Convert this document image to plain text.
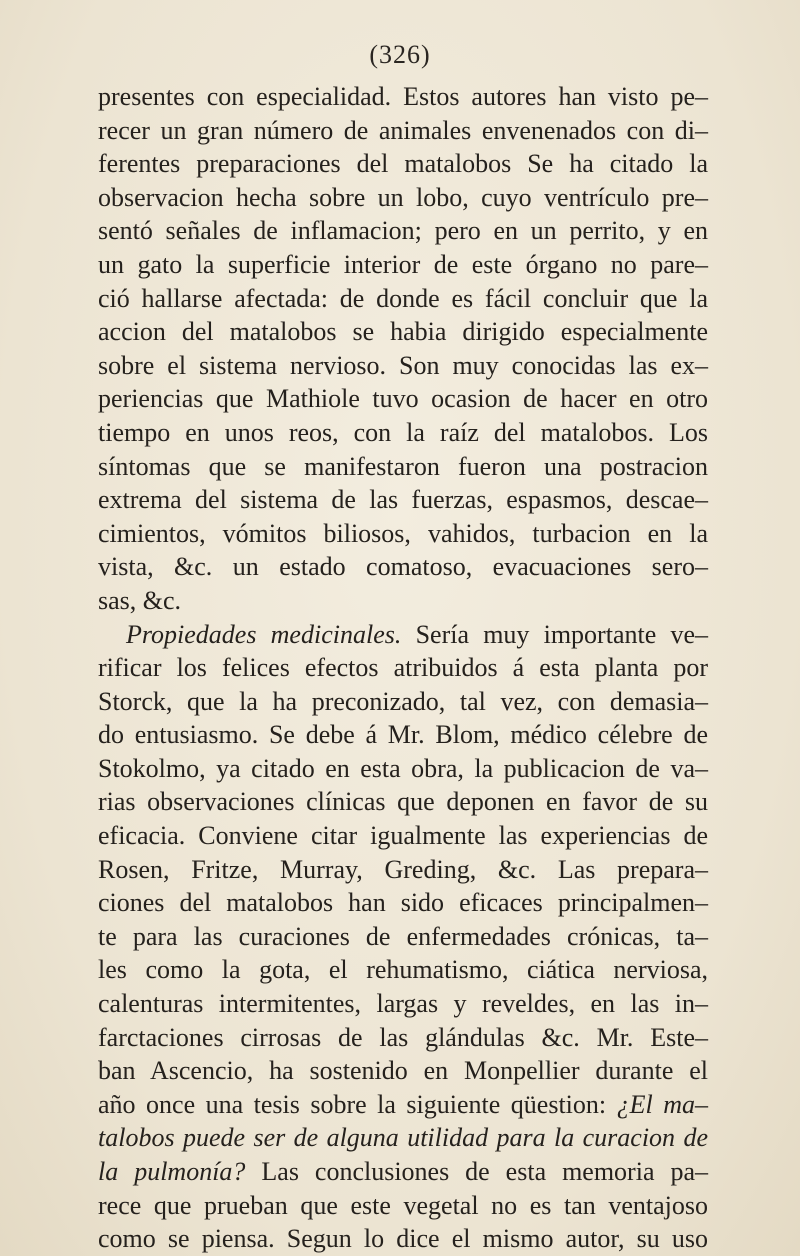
(326)
presentes con especialidad. Estos autores han visto pe–
recer un gran número de animales envenenados con di–
ferentes preparaciones del matalobos Se ha citado la
observacion hecha sobre un lobo, cuyo ventrículo pre–
sentó señales de inflamacion; pero en un perrito, y en
un gato la superficie interior de este órgano no pare–
ció hallarse afectada: de donde es fácil concluir que la
accion del matalobos se habia dirigido especialmente
sobre el sistema nervioso. Son muy conocidas las ex–
periencias que Mathiole tuvo ocasion de hacer en otro
tiempo en unos reos, con la raíz del matalobos. Los
síntomas que se manifestaron fueron una postracion
extrema del sistema de las fuerzas, espasmos, descae–
cimientos, vómitos biliosos, vahidos, turbacion en la
vista, &c. un estado comatoso, evacuaciones sero–
sas, &c.
Propiedades medicinales. Sería muy importante ve–
rificar los felices efectos atribuidos á esta planta por
Storck, que la ha preconizado, tal vez, con demasia–
do entusiasmo. Se debe á Mr. Blom, médico célebre de
Stokolmo, ya citado en esta obra, la publicacion de va–
rias observaciones clínicas que deponen en favor de su
eficacia. Conviene citar igualmente las experiencias de
Rosen, Fritze, Murray, Greding, &c. Las prepara–
ciones del matalobos han sido eficaces principalmen–
te para las curaciones de enfermedades crónicas, ta–
les como la gota, el rehumatismo, ciática nerviosa,
calenturas intermitentes, largas y reveldes, en las in–
farctaciones cirrosas de las glándulas &c. Mr. Este–
ban Ascencio, ha sostenido en Monpellier durante el
año once una tesis sobre la siguiente qüestion: ¿El ma–
talobos puede ser de alguna utilidad para la curacion de
la pulmonía? Las conclusiones de esta memoria pa–
rece que prueban que este vegetal no es tan ventajoso
como se piensa. Segun lo dice el mismo autor, su uso
